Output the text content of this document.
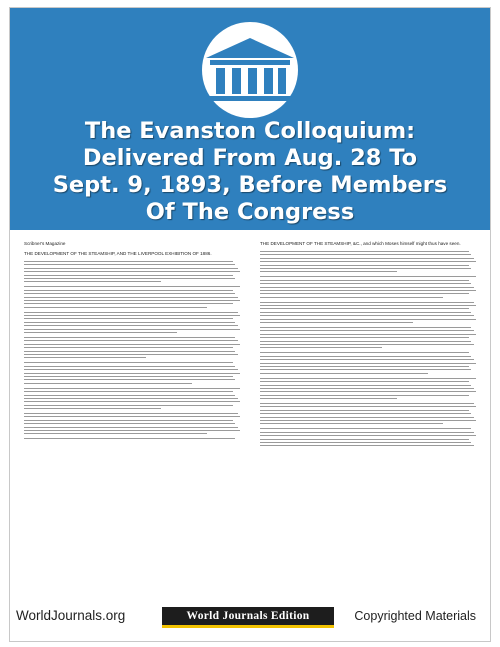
The Evanston Colloquium:
Delivered From Aug. 28 To
Sept. 9, 1893, Before Members
Of The Congress
Scribner's Magazine
THE DEVELOPMENT OF THE STEAMSHIP, AND THE LIVERPOOL EXHIBITION OF 1886.
THE DEVELOPMENT OF THE STEAMSHIP, &C., and which Moses himself might thus have seen.
WorldJournals.org	World Journals Edition	Copyrighted Materials
